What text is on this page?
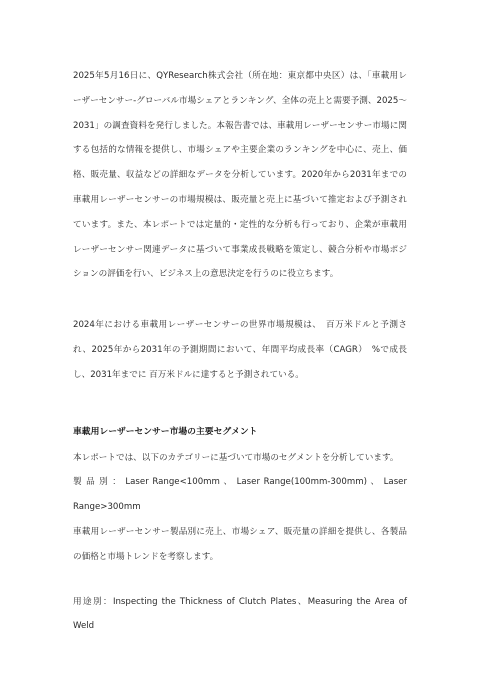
2025年5月16日に、QYResearch株式会社（所在地：東京都中央区）は、「車載用レーザーセンサー‐グローバル市場シェアとランキング、全体の売上と需要予測、2025〜2031」の調査資料を発行しました。本報告書では、車載用レーザーセンサー市場に関する包括的な情報を提供し、市場シェアや主要企業のランキングを中心に、売上、価格、販売量、収益などの詳細なデータを分析しています。2020年から2031年までの車載用レーザーセンサーの市場規模は、販売量と売上に基づいて推定および予測されています。また、本レポートでは定量的・定性的な分析も行っており、企業が車載用レーザーセンサー関連データに基づいて事業成長戦略を策定し、競合分析や市場ポジションの評価を行い、ビジネス上の意思決定を行うのに役立ちます。

2024年における車載用レーザーセンサーの世界市場規模は、　百万米ドルと予測され、2025年から2031年の予測期間において、年間平均成長率（CAGR）　%で成長し、2031年までに 百万米ドルに達すると予測されている。

車載用レーザーセンサー市場の主要セグメント

本レポートでは、以下のカテゴリーに基づいて市場のセグメントを分析しています。

製 品 別 ： Laser Range<100mm 、 Laser Range(100mm-300mm) 、 Laser

Range>300mm

車載用レーザーセンサー製品別に売上、市場シェア、販売量の詳細を提供し、各製品の価格と市場トレンドを考察します。

用途別：Inspecting the Thickness of Clutch Plates、Measuring the Area of Weld
